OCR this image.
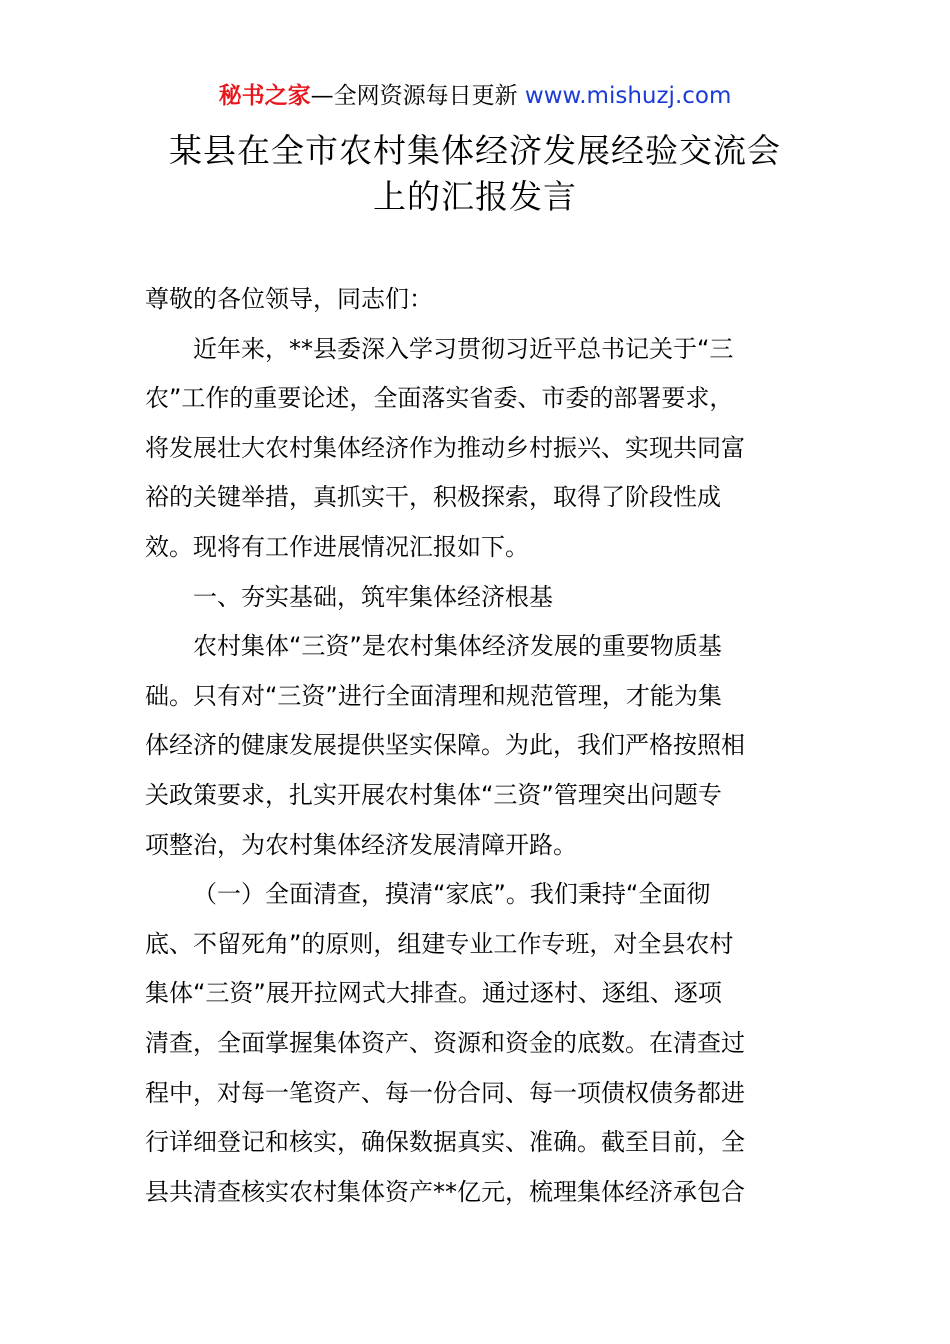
秘书之家—全网资源每日更新 www.mishuzj.com
某县在全市农村集体经济发展经验交流会
上的汇报发言
尊敬的各位领导，同志们：
近年来，**县委深入学习贯彻习近平总书记关于“三
农”工作的重要论述，全面落实省委、市委的部署要求，
将发展壮大农村集体经济作为推动乡村振兴、实现共同富
裕的关键举措，真抓实干，积极探索，取得了阶段性成
效。现将有工作进展情况汇报如下。
一、夯实基础，筑牢集体经济根基
农村集体“三资”是农村集体经济发展的重要物质基
础。只有对“三资”进行全面清理和规范管理，才能为集
体经济的健康发展提供坚实保障。为此，我们严格按照相
关政策要求，扎实开展农村集体“三资”管理突出问题专
项整治，为农村集体经济发展清障开路。
（一）全面清查，摸清“家底”。我们秉持“全面彻
底、不留死角”的原则，组建专业工作专班，对全县农村
集体“三资”展开拉网式大排查。通过逐村、逐组、逐项
清查，全面掌握集体资产、资源和资金的底数。在清查过
程中，对每一笔资产、每一份合同、每一项债权债务都进
行详细登记和核实，确保数据真实、准确。截至目前，全
县共清查核实农村集体资产**亿元，梳理集体经济承包合
